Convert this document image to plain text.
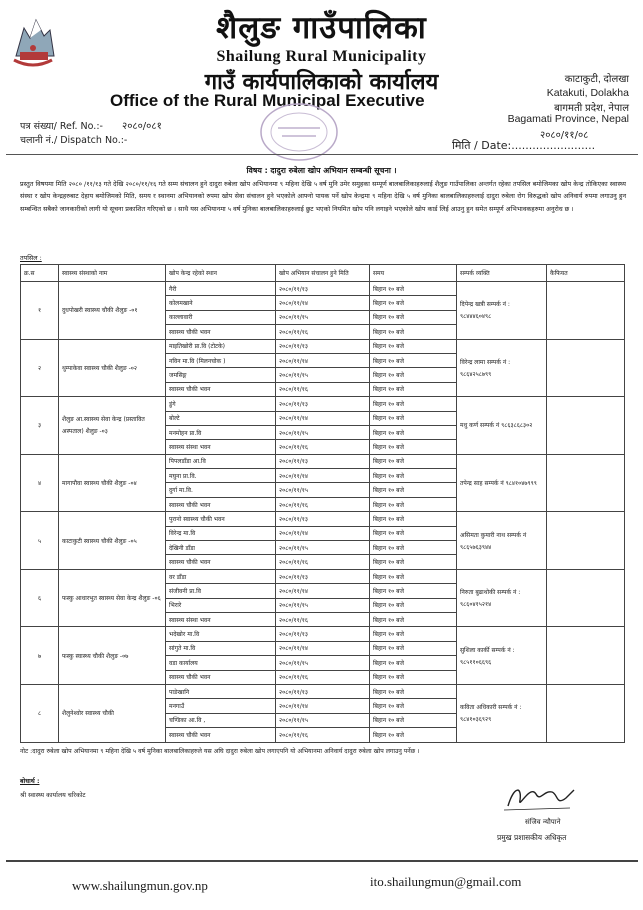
शैलुङ गाउँपालिका
Shailung Rural Municipality
गाउँ कार्यपालिकाको कार्यालय
Office of the Rural Municipal Executive
काटाकुटी, दोलखा
Katakuti, Dolakha
बागमती प्रदेश, नेपाल
Bagamati Province, Nepal
पत्र संख्या/ Ref. No.:- २०८०/०८१
चलानी नं./ Dispatch No.:-	२०८०/११/०८
मिति / Date:........................
विषय : दादुरा रुबेला खोप अभियान सम्बन्धी सूचना ।
प्रस्तुत विषयमा मिति २०८० /११/१३ गते देखि २०८०/११/१६ गते सम्म संचालन हुने दादुरा रुबेला खोप अभियानमा ९ महिना देखि ५ वर्ष मुनि उमेर समुहका सम्पूर्ण बालबालिकाहरुलाई शैलुङ गाउँपालिका अन्तर्गत रहेका तपसिल बमोजिमका खोप केन्द्र तोकिएका स्वास्थ्य संस्था र खोप केन्द्रहरुबाट देहाय बमोजिमको मिति, समय र स्थानमा अभियानको रुपमा खोप सेवा संचालन हुने भएकोले आफ्नो पायक पर्ने खोप केन्द्रमा ९ महिना देखि ५ वर्ष मुनिका बालबालिकाहरुलाई दादुरा रुबेला रोग विरुद्धको खोप अनिवार्य रुपमा लगाउनु हुन सम्बन्धित सबैको जानकारीको लागी यो सूचना प्रकाशित गरिएको छ । साथै यस अभियानमा ५ वर्ष मुनिका बालबालिकाहरुलाई छुट भएको नियमित खोप पनि लगाइने भएकोले खोप कार्ड लिई आउनु हुन समेत सम्पूर्ण अभिभावकहरुमा अनुरोध छ ।
तपसिल :
क्र.स	स्वास्थ्य संस्थाको नाम	खोप केन्द्र रहेको स्थान	खोप अभियान संचालन हुने मिति	समय	सम्पर्क व्यक्ति	कैफियत
१	दुधपोखरी स्वास्थ्य चौकी शैलुङ -०१	गैरी	२०८०/११/१३	बिहान १० बजे	दिपेन्द्र खत्री सम्पर्क नं : ९८४४४६०४९८	
		कोलमखाने	२०८०/११/१४	बिहान १० बजे		
		काल्लावारी	२०८०/११/१५	बिहान १० बजे		
		स्वास्थ्य चौकी भवन	२०८०/११/१६	बिहान १० बजे		
२	थुम्पाकेवा स्वास्थ्य चौकी शैलुङ -०२	माइतिखोरी प्रा.वि (टोटके)	२०८०/११/१३	बिहान १० बजे	विरेन्द्र लामा सम्पर्क नं : ९८६४२५८७९९	
		नविन मा.वि (मिलनचोक )	२०८०/११/१४	बिहान १० बजे		
		जमसिङ्ग	२०८०/११/१५	बिहान १० बजे		
		स्वास्थ्य चौकी भवन	२०८०/११/१६	बिहान १० बजे		
३	शैलुङ आ.स्वास्थ्य सेवा केन्द्र (प्रस्तावित अस्पताल) शैलुङ -०३	डुंगे	२०८०/११/१३	बिहान १० बजे	मधु कर्ण सम्पर्क नं ९८६३८६८३०२	
		बोल्टे	२०८०/११/१४	बिहान १० बजे		
		मनमोहन प्रा.वि	२०८०/११/१५	बिहान १० बजे		
		स्वास्थ्य संस्था भवन	२०८०/११/१६	बिहान १० बजे		
४	मागापौवा स्वास्थ्य चौकी शैलुङ -०४	पिपलडाँडा आ.वि	२०८०/११/१३	बिहान १० बजे	तपेन्द्र साह सम्पर्क नं ९८४१०४७९९९	
		मघुना प्रा.वि.	२०८०/११/१४	बिहान १० बजे		
		दुर्गा मा.वि.	२०८०/११/१५	बिहान १० बजे		
		स्वास्थ्य चौकी भवन	२०८०/११/१६	बिहान १० बजे		
५	काटाकुटी स्वास्थ्य चौकी शैलुङ -०५	पुरानो स्वास्थ्य चौकी भवन	२०८०/११/१३	बिहान १० बजे	असिमता कुमारी नाथ सम्पर्क नं ९८६५७६३९४४	
		विरेन्द्र मा.वि	२०८०/११/१४	बिहान १० बजे		
		देखिनी डाँडा	२०८०/११/१५	बिहान १० बजे		
		स्वास्थ्य चौकी भवन	२०८०/११/१६	बिहान १० बजे		
६	फस्कु आधारभुत स्वास्थ्य सेवा केन्द्र शैलुङ -०६	वर डाँडा	२०८०/११/१३	बिहान १० बजे	निरुता बुढाथोकी सम्पर्क नं : ९८६०४१५२१४	
		संजीवनी प्रा.वि	२०८०/११/१४	बिहान १० बजे		
		भिरारे	२०८०/११/१५	बिहान १० बजे		
		स्वास्थ्य संस्था भवन	२०८०/११/१६	बिहान १० बजे		
७	फस्कु स्वास्थ्य चौकी शैलुङ -०७	भदेखोर मा.वि	२०८०/११/१३	बिहान १० बजे	सुशिला कार्की सम्पर्क नं : ९८५११०६६९६	
		सांगुते मा.वि	२०८०/११/१४	बिहान १० बजे		
		वडा कार्यालय	२०८०/११/१५	बिहान १० बजे		
		स्वास्थ्य चौकी भवन	२०८०/११/१६	बिहान १० बजे		
८	शैलुनेश्वोर स्वास्थ्य चौकी	पाङेखानि	२०८०/११/१३	बिहान १० बजे	कविता अधिकारी सम्पर्क नं : ९८४१०३६९२९	
		मनगाउँ	२०८०/११/१४	बिहान १० बजे		
		चण्डिका आ.वि ,	२०८०/११/१५	बिहान १० बजे		
		स्वास्थ्य चौकी भवन	२०८०/११/१६	बिहान १० बजे		
नोट :दादुरा रुबेला खोप अभियानमा ९ महिना देखि ५ वर्ष मुनिका बालबालिकाहरुले यस अघि दादुरा रुबेला खोप लगाएपनि यो अभियानमा अनिवार्य दादुरा रुबेला खोप लगाउनु पर्नेछ ।
बोधार्थ :
श्री स्वास्थ्य कार्यालय चरिकोट
संजिव न्यौपाने
प्रमुख प्रशासकीय अधिकृत
www.shailungmun.gov.np	ito.shailungmun@gmail.com
